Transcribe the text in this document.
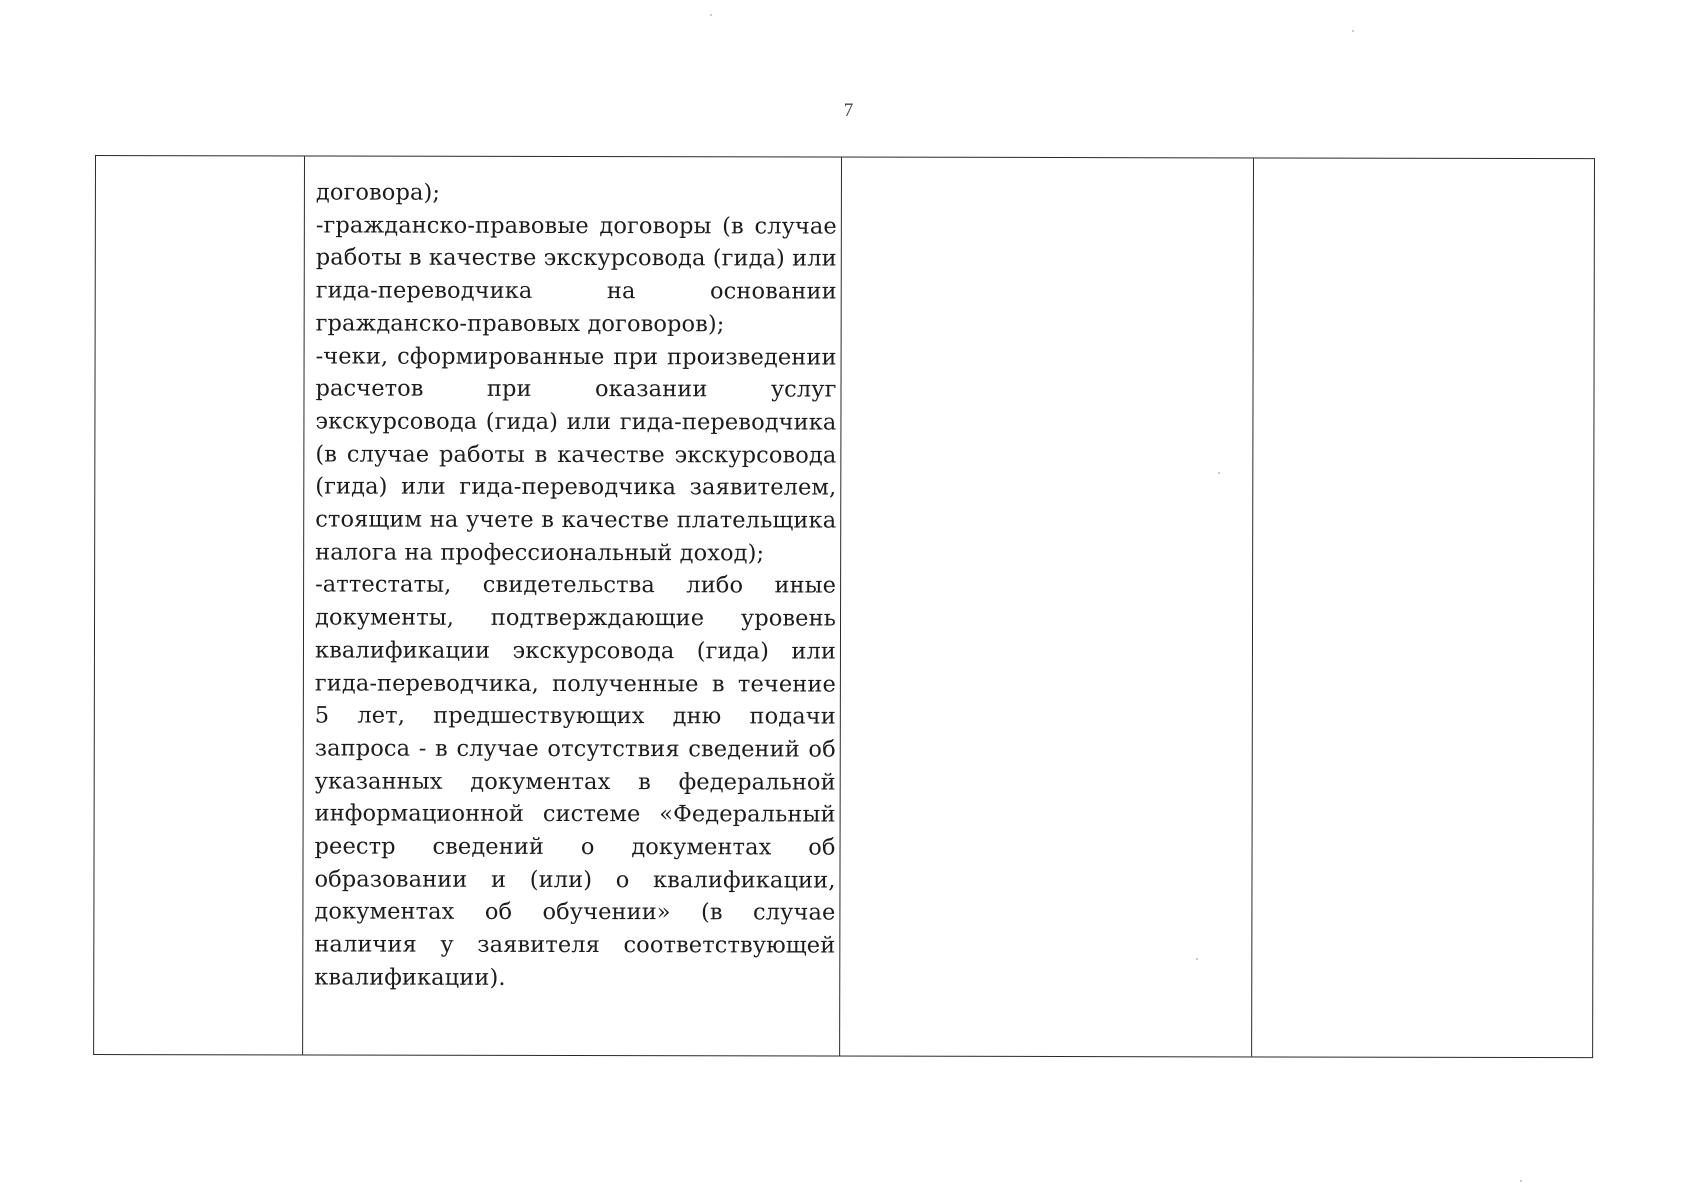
7

договора);

-гражданско-правовые договоры (в случае работы в качестве экскурсовода (гида) или гида-переводчика на основании гражданско-правовых договоров);

-чеки, сформированные при произведении расчетов при оказании услуг экскурсовода (гида) или гида-переводчика (в случае работы в качестве экскурсовода (гида) или гида-переводчика заявителем, стоящим на учете в качестве плательщика налога на профессиональный доход);

-аттестаты, свидетельства либо иные документы, подтверждающие уровень квалификации экскурсовода (гида) или гида-переводчика, полученные в течение 5 лет, предшествующих дню подачи запроса - в случае отсутствия сведений об указанных документах в федеральной информационной системе «Федеральный реестр сведений о документах об образовании и (или) о квалификации, документах об обучении» (в случае наличия у заявителя соответствующей квалификации).
